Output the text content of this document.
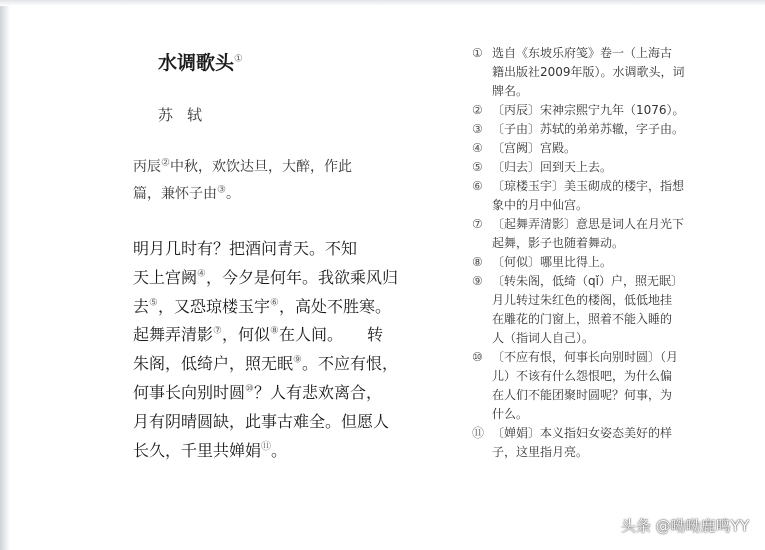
水调歌头①
苏轼
丙辰②中秋，欢饮达旦，大醉，作此
篇，兼怀子由③。
明月几时有？把酒问青天。不知
天上宫阙④，今夕是何年。我欲乘风归
去⑤，又恐琼楼玉宇⑥，高处不胜寒。
起舞弄清影⑦，何似⑧在人间。　　转
朱阁，低绮户，照无眠⑨。不应有恨，
何事长向别时圆⑩？人有悲欢离合，
月有阴晴圆缺，此事古难全。但愿人
长久，千里共婵娟⑪。
① 选自《东坡乐府笺》卷一（上海古
籍出版社2009年版）。水调歌头，词
牌名。
② 〔丙辰〕宋神宗熙宁九年（1076）。
③ 〔子由〕苏轼的弟弟苏辙，字子由。
④ 〔宫阙〕宫殿。
⑤ 〔归去〕回到天上去。
⑥ 〔琼楼玉宇〕美玉砌成的楼宇，指想
象中的月中仙宫。
⑦ 〔起舞弄清影〕意思是词人在月光下
起舞，影子也随着舞动。
⑧ 〔何似〕哪里比得上。
⑨ 〔转朱阁，低绮（qǐ）户，照无眠〕
月儿转过朱红色的楼阁，低低地挂
在雕花的门窗上，照着不能入睡的
人（指词人自己）。
⑩ 〔不应有恨，何事长向别时圆〕（月
儿）不该有什么怨恨吧，为什么偏
在人们不能团聚时圆呢？何事，为
什么。
⑪ 〔婵娟〕本义指妇女姿态美好的样
子，这里指月亮。
头条 @呦呦鹿鸣YY
